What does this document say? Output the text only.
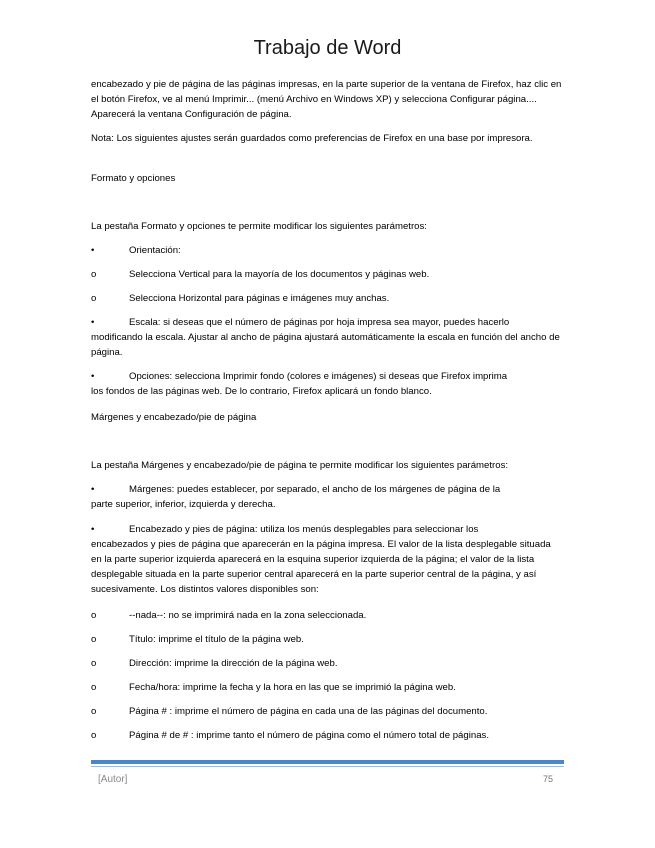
Trabajo de Word

encabezado y pie de página de las páginas impresas, en la parte superior de la ventana de Firefox, haz clic en el botón Firefox, ve al menú Imprimir... (menú Archivo en Windows XP) y selecciona Configurar página.... Aparecerá la ventana Configuración de página.

Nota: Los siguientes ajustes serán guardados como preferencias de Firefox en una base por impresora.

Formato y opciones

La pestaña Formato y opciones te permite modificar los siguientes parámetros:

•	Orientación:
o	Selecciona Vertical para la mayoría de los documentos y páginas web.
o	Selecciona Horizontal para páginas e imágenes muy anchas.
•	Escala: si deseas que el número de páginas por hoja impresa sea mayor, puedes hacerlo
modificando la escala. Ajustar al ancho de página ajustará automáticamente la escala en función del ancho de página.
•	Opciones: selecciona Imprimir fondo (colores e imágenes) si deseas que Firefox imprima
los fondos de las páginas web. De lo contrario, Firefox aplicará un fondo blanco.

Márgenes y encabezado/pie de página

La pestaña Márgenes y encabezado/pie de página te permite modificar los siguientes parámetros:

•	Márgenes: puedes establecer, por separado, el ancho de los márgenes de página de la
parte superior, inferior, izquierda y derecha.
•	Encabezado y pies de página: utiliza los menús desplegables para seleccionar los
encabezados y pies de página que aparecerán en la página impresa. El valor de la lista desplegable situada en la parte superior izquierda aparecerá en la esquina superior izquierda de la página; el valor de la lista desplegable situada en la parte superior central aparecerá en la parte superior central de la página, y así sucesivamente. Los distintos valores disponibles son:
o	--nada--: no se imprimirá nada en la zona seleccionada.
o	Título: imprime el título de la página web.
o	Dirección: imprime la dirección de la página web.
o	Fecha/hora: imprime la fecha y la hora en las que se imprimió la página web.
o	Página # : imprime el número de página en cada una de las páginas del documento.
o	Página # de # : imprime tanto el número de página como el número total de páginas.
[Autor]	75
